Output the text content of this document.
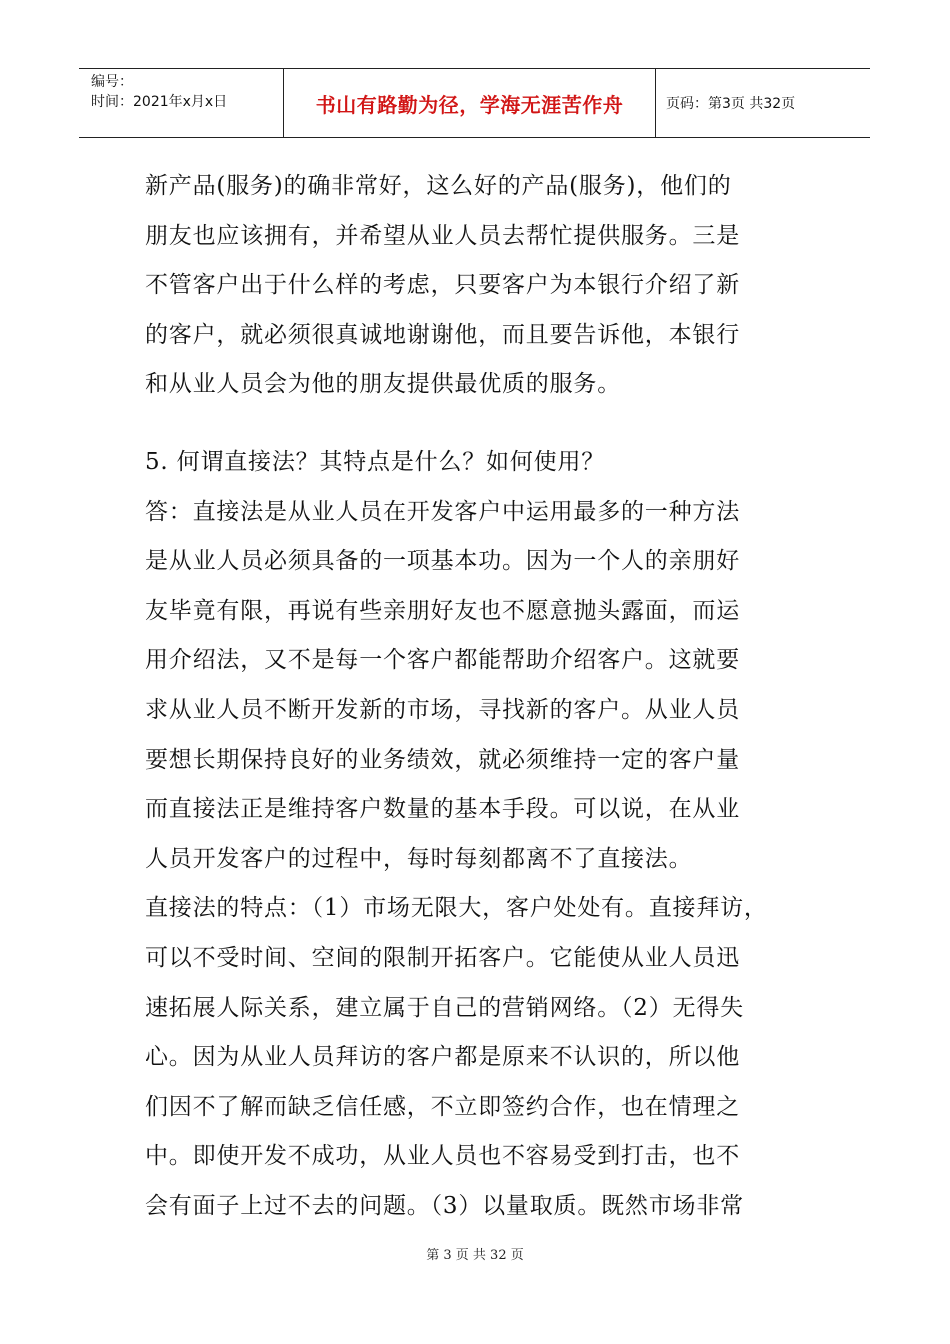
编号：
时间：2021年x月x日	书山有路勤为径，学海无涯苦作舟	页码：第3页 共32页

新产品(服务)的确非常好，这么好的产品(服务)，他们的

朋友也应该拥有，并希望从业人员去帮忙提供服务。三是

不管客户出于什么样的考虑，只要客户为本银行介绍了新

的客户，就必须很真诚地谢谢他，而且要告诉他，本银行

和从业人员会为他的朋友提供最优质的服务。

5. 何谓直接法？其特点是什么？如何使用？

答：直接法是从业人员在开发客户中运用最多的一种方法

是从业人员必须具备的一项基本功。因为一个人的亲朋好

友毕竟有限，再说有些亲朋好友也不愿意抛头露面，而运

用介绍法，又不是每一个客户都能帮助介绍客户。这就要

求从业人员不断开发新的市场，寻找新的客户。从业人员

要想长期保持良好的业务绩效，就必须维持一定的客户量

而直接法正是维持客户数量的基本手段。可以说，在从业

人员开发客户的过程中，每时每刻都离不了直接法。

直接法的特点：（1）市场无限大，客户处处有。直接拜访，

可以不受时间、空间的限制开拓客户。它能使从业人员迅

速拓展人际关系，建立属于自己的营销网络。（2）无得失

心。因为从业人员拜访的客户都是原来不认识的，所以他

们因不了解而缺乏信任感，不立即签约合作，也在情理之

中。即使开发不成功，从业人员也不容易受到打击，也不

会有面子上过不去的问题。（3）以量取质。既然市场非常

第 3 页 共 32 页
